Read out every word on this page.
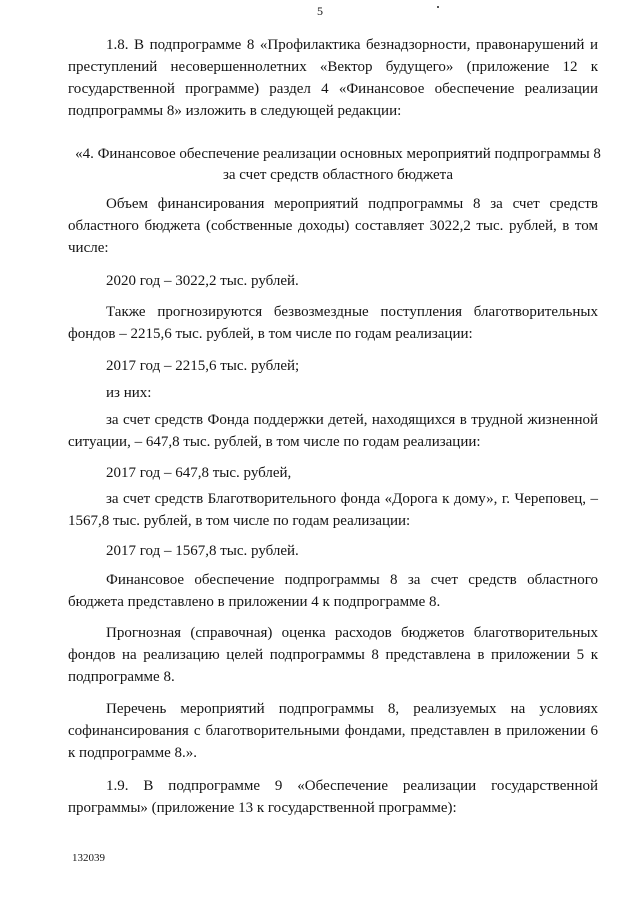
5
1.8. В подпрограмме 8 «Профилактика безнадзорности, правонарушений и преступлений несовершеннолетних «Вектор будущего» (приложение 12 к государственной программе) раздел 4 «Финансовое обеспечение реализации подпрограммы 8» изложить в следующей редакции:
«4. Финансовое обеспечение реализации основных мероприятий подпрограммы 8 за счет средств областного бюджета
Объем финансирования мероприятий подпрограммы 8 за счет средств областного бюджета (собственные доходы) составляет 3022,2 тыс. рублей, в том числе:
2020 год – 3022,2 тыс. рублей.
Также прогнозируются безвозмездные поступления благотворительных фондов – 2215,6 тыс. рублей, в том числе по годам реализации:
2017 год – 2215,6 тыс. рублей;
из них:
за счет средств Фонда поддержки детей, находящихся в трудной жизненной ситуации, – 647,8 тыс. рублей, в том числе по годам реализации:
2017 год – 647,8 тыс. рублей,
за счет средств Благотворительного фонда «Дорога к дому», г. Череповец, – 1567,8 тыс. рублей, в том числе по годам реализации:
2017 год – 1567,8 тыс. рублей.
Финансовое обеспечение подпрограммы 8 за счет средств областного бюджета представлено в приложении 4 к подпрограмме 8.
Прогнозная (справочная) оценка расходов бюджетов благотворительных фондов на реализацию целей подпрограммы 8 представлена в приложении 5 к подпрограмме 8.
Перечень мероприятий подпрограммы 8, реализуемых на условиях софинансирования с благотворительными фондами, представлен в приложении 6 к подпрограмме 8.».
1.9. В подпрограмме 9 «Обеспечение реализации государственной программы» (приложение 13 к государственной программе):
132039
